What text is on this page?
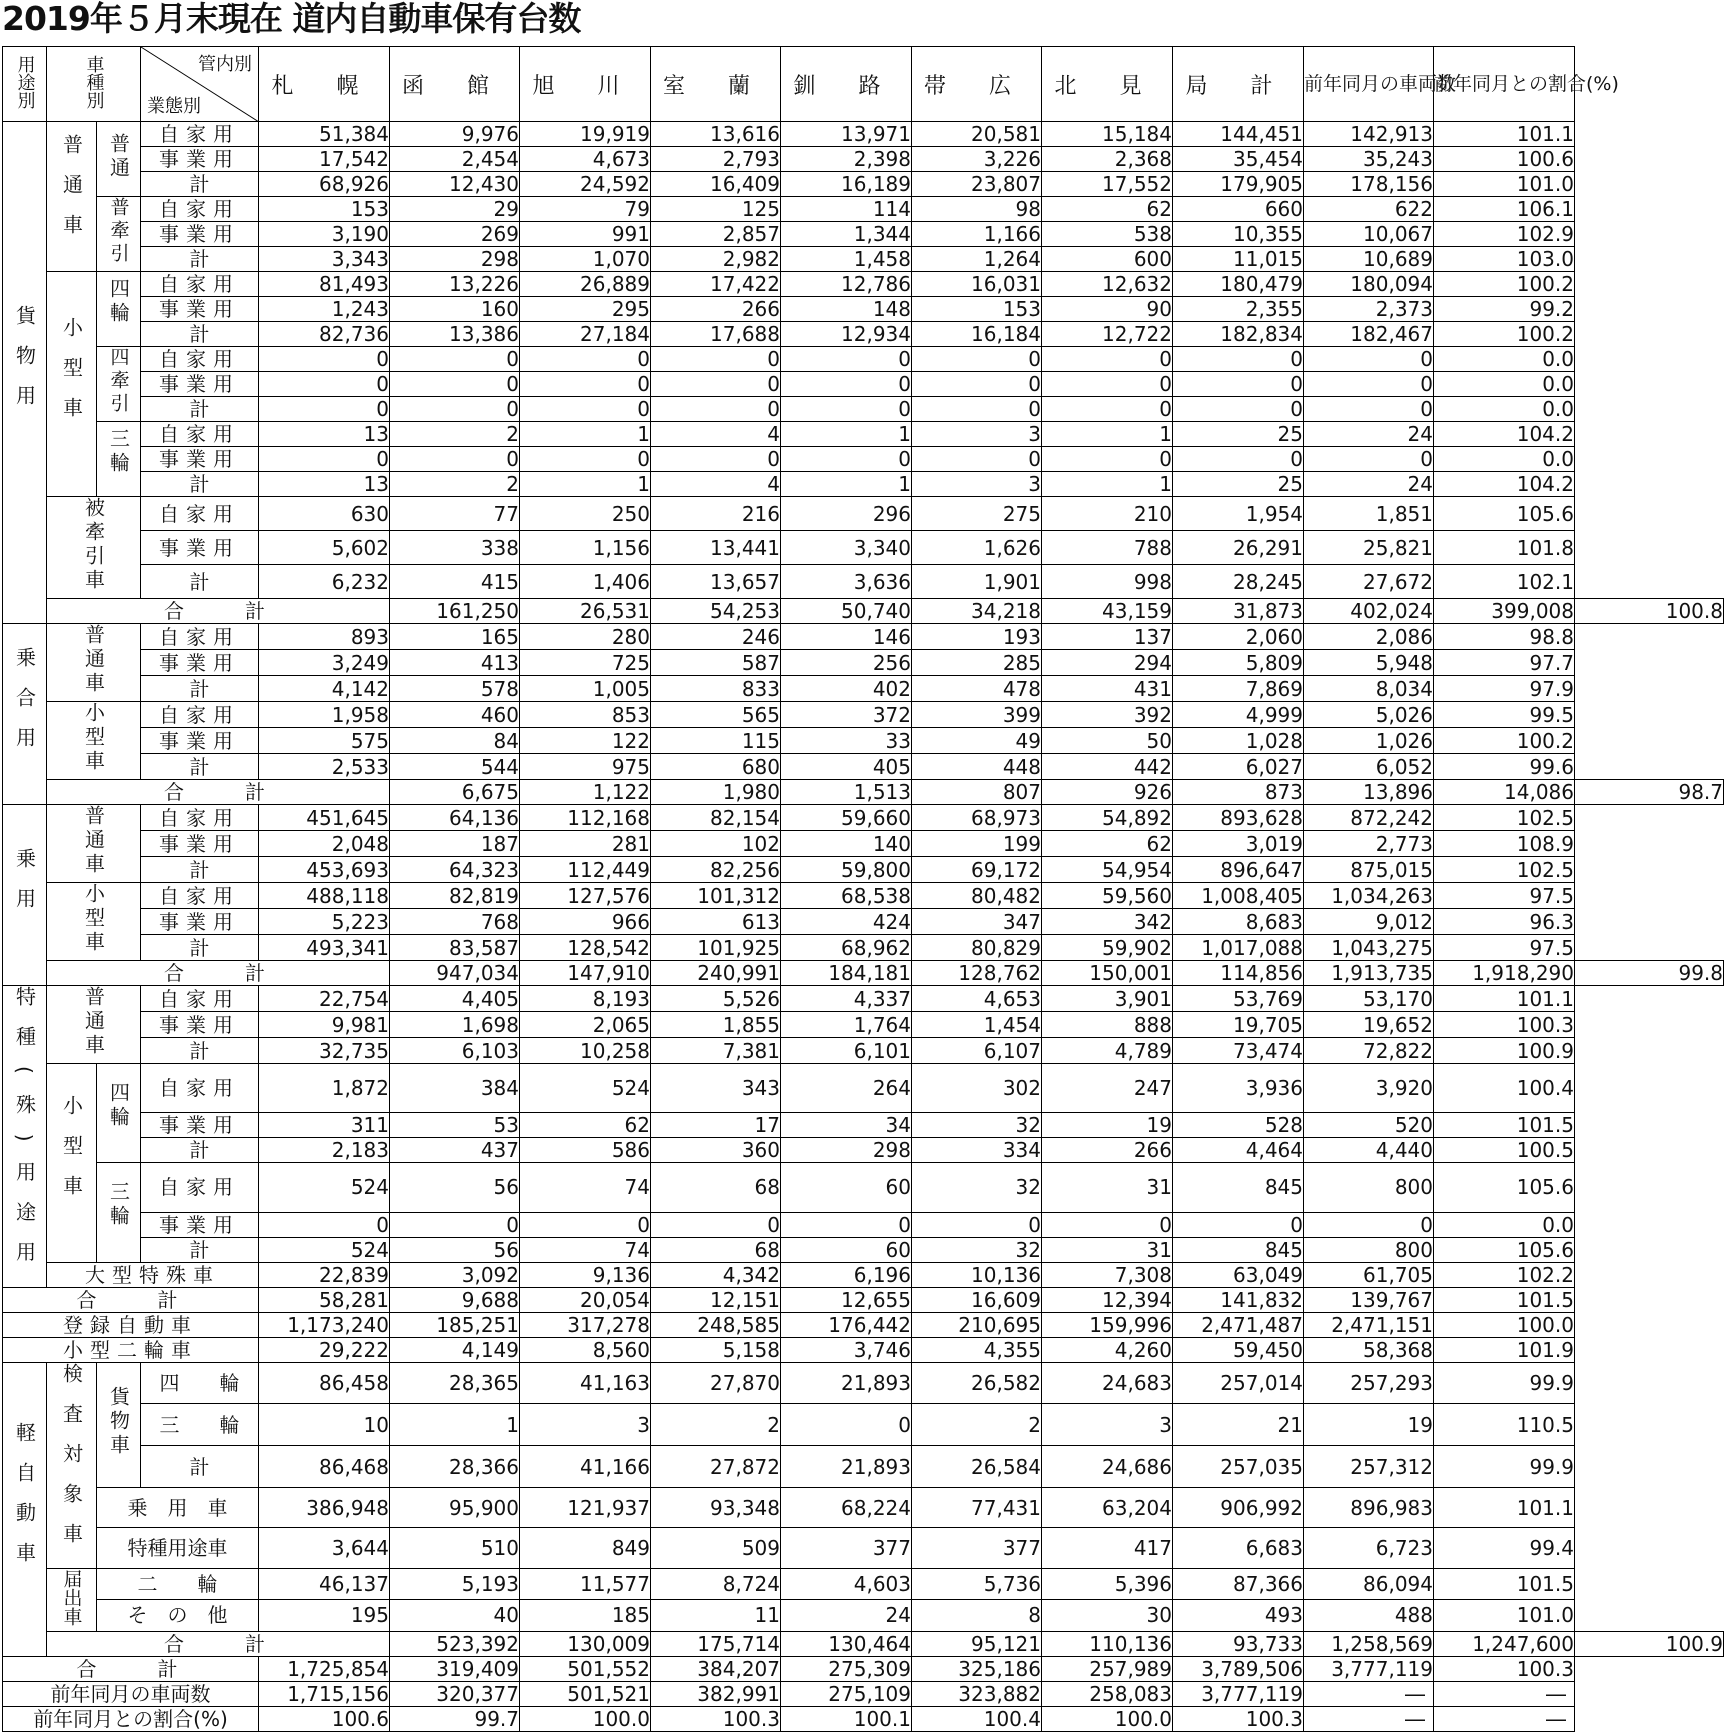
2019年５月末現在 道内自動車保有台数
用途別	車種別		管内別
業態別	札 幌	函 館	旭 川	室 蘭	釧 路	帯 広	北 見	局 計	前年同月の車両数	前年同月との割合(%)	
貨物用	普通車	普通	自家用	51,384	9,976	19,919	13,616	13,971	20,581	15,184	144,451	142,913	101.1	
			事業用	17,542	2,454	4,673	2,793	2,398	3,226	2,368	35,454	35,243	100.6	
			計	68,926	12,430	24,592	16,409	16,189	23,807	17,552	179,905	178,156	101.0	
		普牽引	自家用	153	29	79	125	114	98	62	660	622	106.1	
			事業用	3,190	269	991	2,857	1,344	1,166	538	10,355	10,067	102.9	
			計	3,343	298	1,070	2,982	1,458	1,264	600	11,015	10,689	103.0	
	小型車	四輪	自家用	81,493	13,226	26,889	17,422	12,786	16,031	12,632	180,479	180,094	100.2	
			事業用	1,243	160	295	266	148	153	90	2,355	2,373	99.2	
			計	82,736	13,386	27,184	17,688	12,934	16,184	12,722	182,834	182,467	100.2	
		四牽引	自家用	0	0	0	0	0	0	0	0	0	0.0	
			事業用	0	0	0	0	0	0	0	0	0	0.0	
			計	0	0	0	0	0	0	0	0	0	0.0	
		三輪	自家用	13	2	1	4	1	3	1	25	24	104.2	
			事業用	0	0	0	0	0	0	0	0	0	0.0	
			計	13	2	1	4	1	3	1	25	24	104.2	
	被牽引車		自家用	630	77	250	216	296	275	210	1,954	1,851	105.6	
			事業用	5,602	338	1,156	13,441	3,340	1,626	788	26,291	25,821	101.8	
			計	6,232	415	1,406	13,657	3,636	1,901	998	28,245	27,672	102.1	
	合　　計				161,250	26,531	54,253	50,740	34,218	43,159	31,873	402,024	399,008	100.8
乗合用	普通車		自家用	893	165	280	246	146	193	137	2,060	2,086	98.8	
			事業用	3,249	413	725	587	256	285	294	5,809	5,948	97.7	
			計	4,142	578	1,005	833	402	478	431	7,869	8,034	97.9	
	小型車		自家用	1,958	460	853	565	372	399	392	4,999	5,026	99.5	
			事業用	575	84	122	115	33	49	50	1,028	1,026	100.2	
			計	2,533	544	975	680	405	448	442	6,027	6,052	99.6	
	合　　計				6,675	1,122	1,980	1,513	807	926	873	13,896	14,086	98.7
乗用	普通車		自家用	451,645	64,136	112,168	82,154	59,660	68,973	54,892	893,628	872,242	102.5	
			事業用	2,048	187	281	102	140	199	62	3,019	2,773	108.9	
			計	453,693	64,323	112,449	82,256	59,800	69,172	54,954	896,647	875,015	102.5	
	小型車		自家用	488,118	82,819	127,576	101,312	68,538	80,482	59,560	1,008,405	1,034,263	97.5	
			事業用	5,223	768	966	613	424	347	342	8,683	9,012	96.3	
			計	493,341	83,587	128,542	101,925	68,962	80,829	59,902	1,017,088	1,043,275	97.5	
	合　　計				947,034	147,910	240,991	184,181	128,762	150,001	114,856	1,913,735	1,918,290	99.8
特種(殊)用途用	普通車		自家用	22,754	4,405	8,193	5,526	4,337	4,653	3,901	53,769	53,170	101.1	
			事業用	9,981	1,698	2,065	1,855	1,764	1,454	888	19,705	19,652	100.3	
			計	32,735	6,103	10,258	7,381	6,101	6,107	4,789	73,474	72,822	100.9	
	小型車	四輪	自家用	1,872	384	524	343	264	302	247	3,936	3,920	100.4	
			事業用	311	53	62	17	34	32	19	528	520	101.5	
			計	2,183	437	586	360	298	334	266	4,464	4,440	100.5	
		三輪	自家用	524	56	74	68	60	32	31	845	800	105.6	
			事業用	0	0	0	0	0	0	0	0	0	0.0	
			計	524	56	74	68	60	32	31	845	800	105.6	
	大型特殊車			22,839	3,092	9,136	4,342	6,196	10,136	7,308	63,049	61,705	102.2	
合　　計				58,281	9,688	20,054	12,151	12,655	16,609	12,394	141,832	139,767	101.5	
登録自動車				1,173,240	185,251	317,278	248,585	176,442	210,695	159,996	2,471,487	2,471,151	100.0	
小型二輪車				29,222	4,149	8,560	5,158	3,746	4,355	4,260	59,450	58,368	101.9	
軽自動車	検査対象車	貨物車	四　　輪	86,458	28,365	41,163	27,870	21,893	26,582	24,683	257,014	257,293	99.9	
			三　　輪	10	1	3	2	0	2	3	21	19	110.5	
			計	86,468	28,366	41,166	27,872	21,893	26,584	24,686	257,035	257,312	99.9	
		乗　用　車		386,948	95,900	121,937	93,348	68,224	77,431	63,204	906,992	896,983	101.1	
		特種用途車		3,644	510	849	509	377	377	417	6,683	6,723	99.4	
	届出車	二　　輪		46,137	5,193	11,577	8,724	4,603	5,736	5,396	87,366	86,094	101.5	
		そ　の　他		195	40	185	11	24	8	30	493	488	101.0	
	合　　計				523,392	130,009	175,714	130,464	95,121	110,136	93,733	1,258,569	1,247,600	100.9
合　　計				1,725,854	319,409	501,552	384,207	275,309	325,186	257,989	3,789,506	3,777,119	100.3	
前年同月の車両数				1,715,156	320,377	501,521	382,991	275,109	323,882	258,083	3,777,119	―	―	
前年同月との割合(%)				100.6	99.7	100.0	100.3	100.1	100.4	100.0	100.3	―	―	
